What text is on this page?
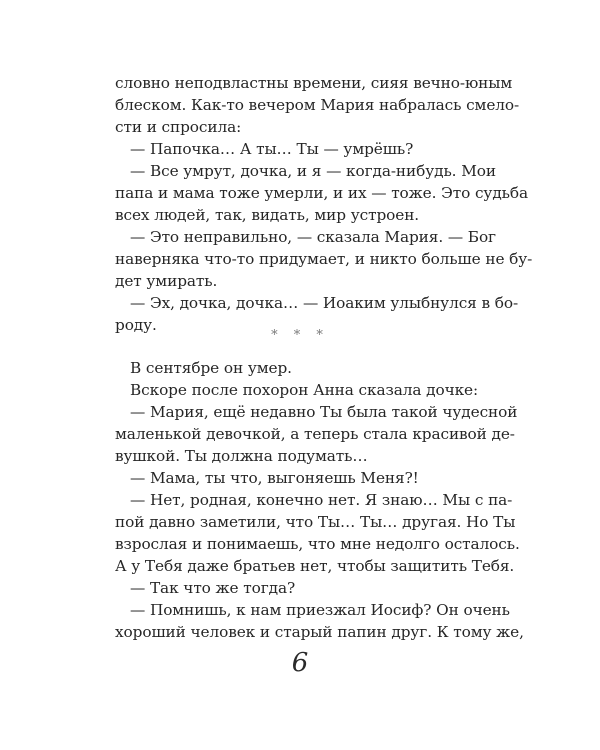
словно неподвластны времени, сияя вечно-юным
блеском. Как-то вечером Мария набралась смело-
сти и спросила:
— Папочка… А ты… Ты — умрёшь?
— Все умрут, дочка, и я — когда-нибудь. Мои
папа и мама тоже умерли, и их — тоже. Это судьба
всех людей, так, видать, мир устроен.
— Это неправильно, — сказала Мария. — Бог
наверняка что-то придумает, и никто больше не бу-
дет умирать.
— Эх, дочка, дочка… — Иоаким улыбнулся в бо-
роду.
* * *
В сентябре он умер.
Вскоре после похорон Анна сказала дочке:
— Мария, ещё недавно Ты была такой чудесной
маленькой девочкой, а теперь стала красивой де-
вушкой. Ты должна подумать…
— Мама, ты что, выгоняешь Меня?!
— Нет, родная, конечно нет. Я знаю… Мы с па-
пой давно заметили, что Ты… Ты… другая. Но Ты
взрослая и понимаешь, что мне недолго осталось.
А у Тебя даже братьев нет, чтобы защитить Тебя.
— Так что же тогда?
— Помнишь, к нам приезжал Иосиф? Он очень
хороший человек и старый папин друг. К тому же,
6
